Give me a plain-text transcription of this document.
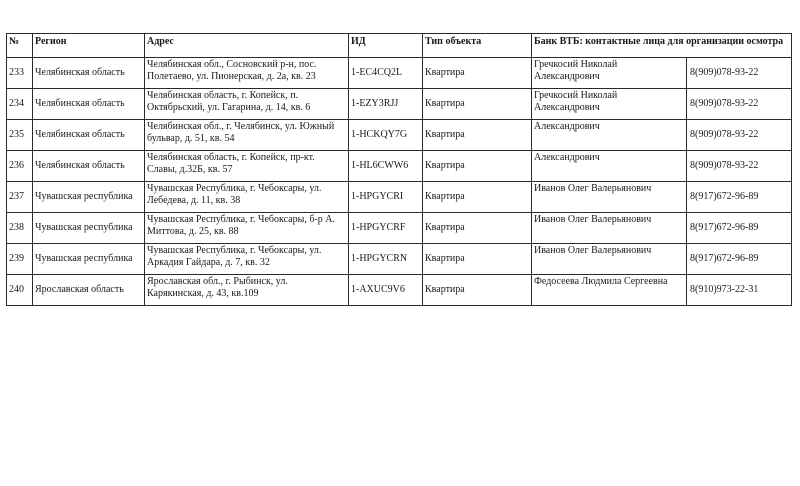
№	Регион	Адрес	ИД	Тип объекта	Банк ВТБ: контактные лица для организации осмотра	
233	Челябинская область	Челябинская обл., Сосновский р-н, пос. Полетаево, ул. Пионерская, д. 2а, кв. 23	1-EC4CQ2L	Квартира	Гречкосий Николай Александрович	8(909)078-93-22
234	Челябинская область	Челябинская область, г. Копейск, п. Октябрьский, ул. Гагарина, д. 14, кв. 6	1-EZY3RJJ	Квартира	Гречкосий Николай Александрович	8(909)078-93-22
235	Челябинская область	Челябинская обл., г. Челябинск, ул. Южный бульвар, д. 51, кв. 54	1-HCKQY7G	Квартира	Александрович	8(909)078-93-22
236	Челябинская область	Челябинская область, г. Копейск, пр-кт. Славы, д.32Б, кв. 57	1-HL6CWW6	Квартира	Александрович	8(909)078-93-22
237	Чувашская республика	Чувашская Республика, г. Чебоксары, ул. Лебедева, д. 11, кв. 38	1-HPGYCRI	Квартира	Иванов Олег Валерьянович	8(917)672-96-89
238	Чувашская республика	Чувашская Республика, г. Чебоксары, б-р А. Миттова, д. 25, кв. 88	1-HPGYCRF	Квартира	Иванов Олег Валерьянович	8(917)672-96-89
239	Чувашская республика	Чувашская Республика, г. Чебоксары, ул. Аркадия Гайдара, д. 7, кв. 32	1-HPGYCRN	Квартира	Иванов Олег Валерьянович	8(917)672-96-89
240	Ярославская область	Ярославская обл., г. Рыбинск, ул. Карякинская, д. 43, кв.109	1-AXUC9V6	Квартира	Федосеева Людмила Сергеевна	8(910)973-22-31
